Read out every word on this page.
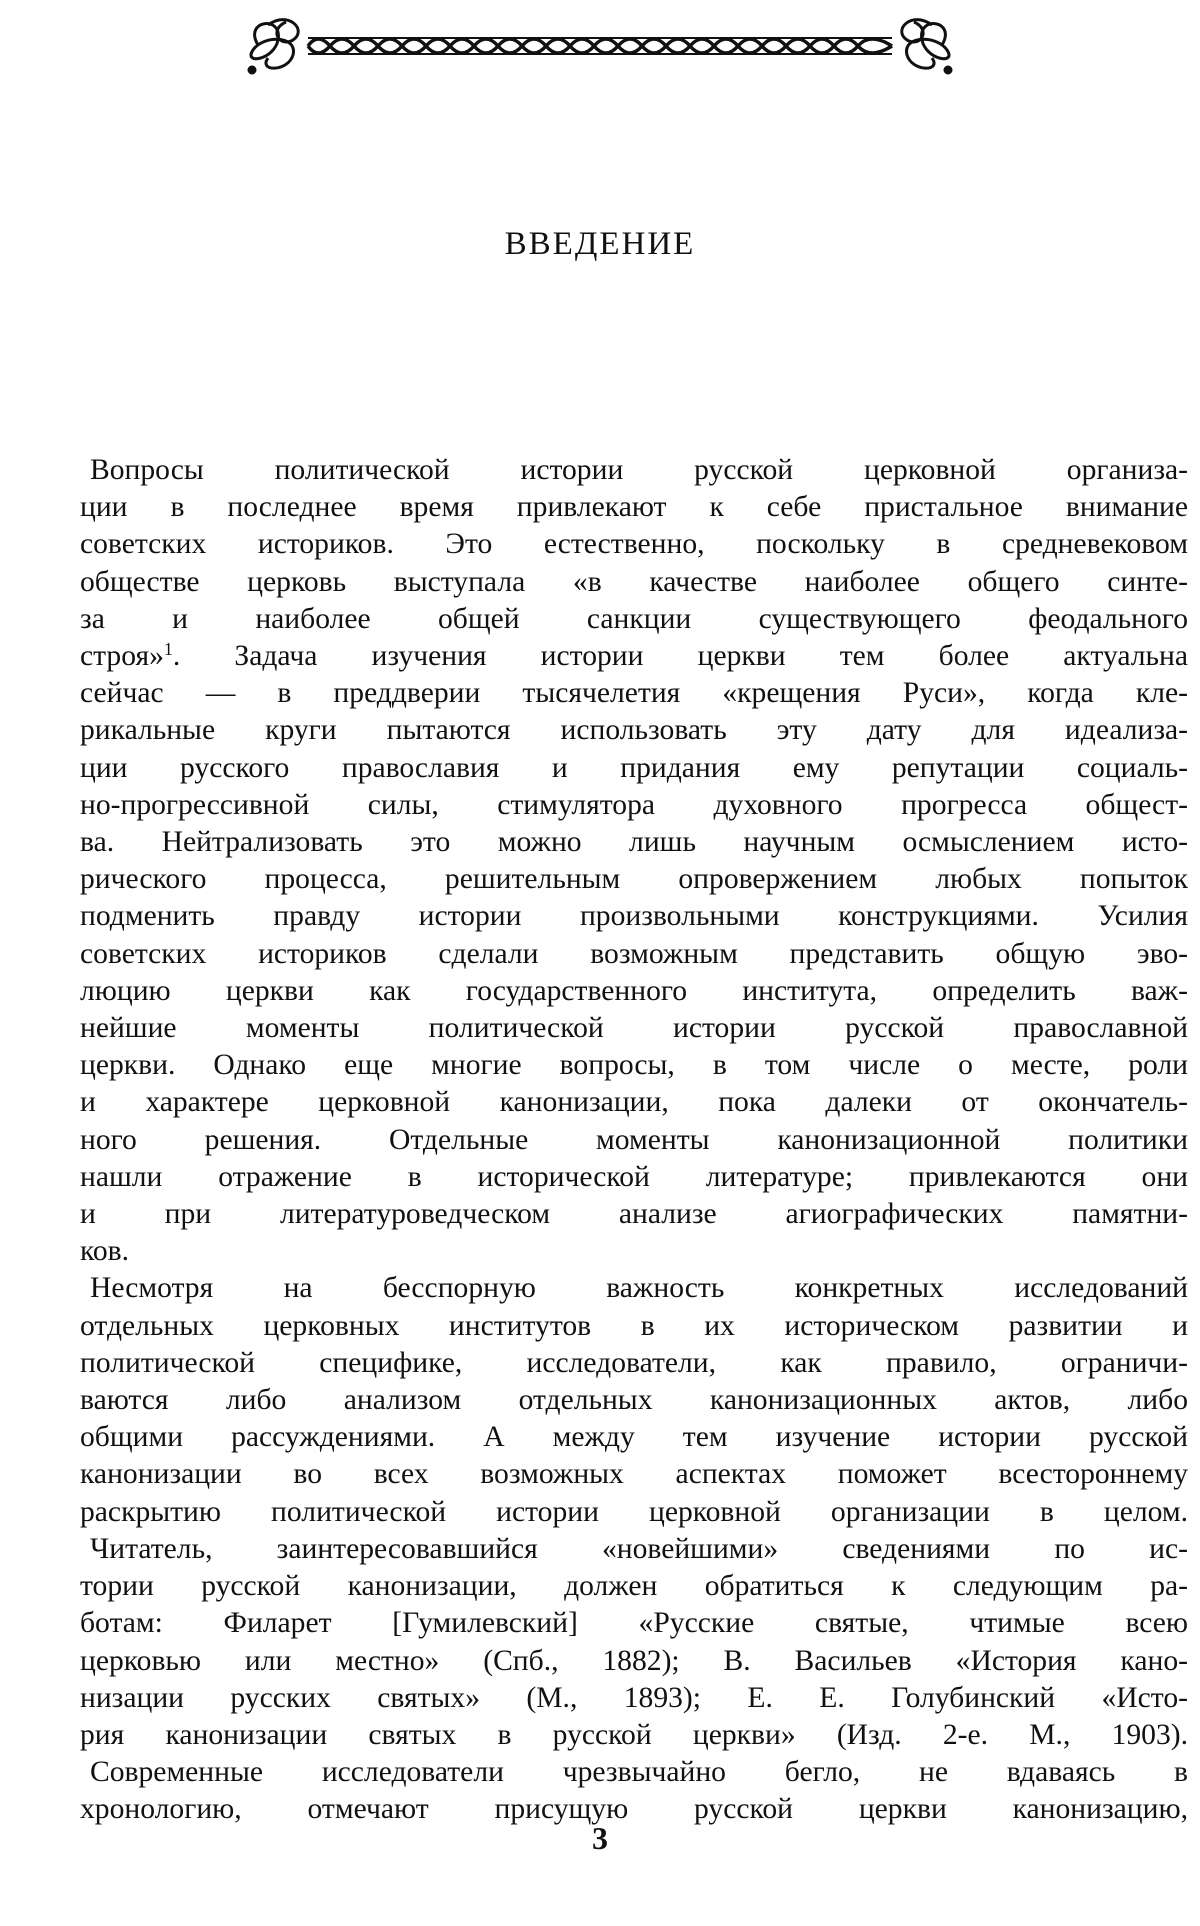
ВВЕДЕНИЕ

Вопросы политической истории русской церковной организа-
ции в последнее время привлекают к себе пристальное внимание
советских историков. Это естественно, поскольку в средневековом
обществе церковь выступала «в качестве наиболее общего синте-
за и наиболее общей санкции существующего феодального
строя»$^1$. Задача изучения истории церкви тем более актуальна
сейчас — в преддверии тысячелетия «крещения Руси», когда кле-
рикальные круги пытаются использовать эту дату для идеализа-
ции русского православия и придания ему репутации социаль-
но-прогрессивной силы, стимулятора духовного прогресса общест-
ва. Нейтрализовать это можно лишь научным осмыслением исто-
рического процесса, решительным опровержением любых попыток
подменить правду истории произвольными конструкциями. Усилия
советских историков сделали возможным представить общую эво-
люцию церкви как государственного института, определить важ-
нейшие моменты политической истории русской православной
церкви. Однако еще многие вопросы, в том числе о месте, роли
и характере церковной канонизации, пока далеки от окончатель-
ного решения. Отдельные моменты канонизационной политики
нашли отражение в исторической литературе; привлекаются они
и при литературоведческом анализе агиографических памятни-
ков.

Несмотря на бесспорную важность конкретных исследований
отдельных церковных институтов в их историческом развитии и
политической специфике, исследователи, как правило, ограничи-
ваются либо анализом отдельных канонизационных актов, либо
общими рассуждениями. А между тем изучение истории русской
канонизации во всех возможных аспектах поможет всестороннему
раскрытию политической истории церковной организации в целом.

Читатель, заинтересовавшийся «новейшими» сведениями по ис-
тории русской канонизации, должен обратиться к следующим ра-
ботам: Филарет [Гумилевский] «Русские святые, чтимые всею
церковью или местно» (Спб., 1882); В. Васильев «История кано-
низации русских святых» (М., 1893); Е. Е. Голубинский «Исто-
рия канонизации святых в русской церкви» (Изд. 2-е. М., 1903).

Современные исследователи чрезвычайно бегло, не вдаваясь в
хронологию, отмечают присущую русской церкви канонизацию,

3
